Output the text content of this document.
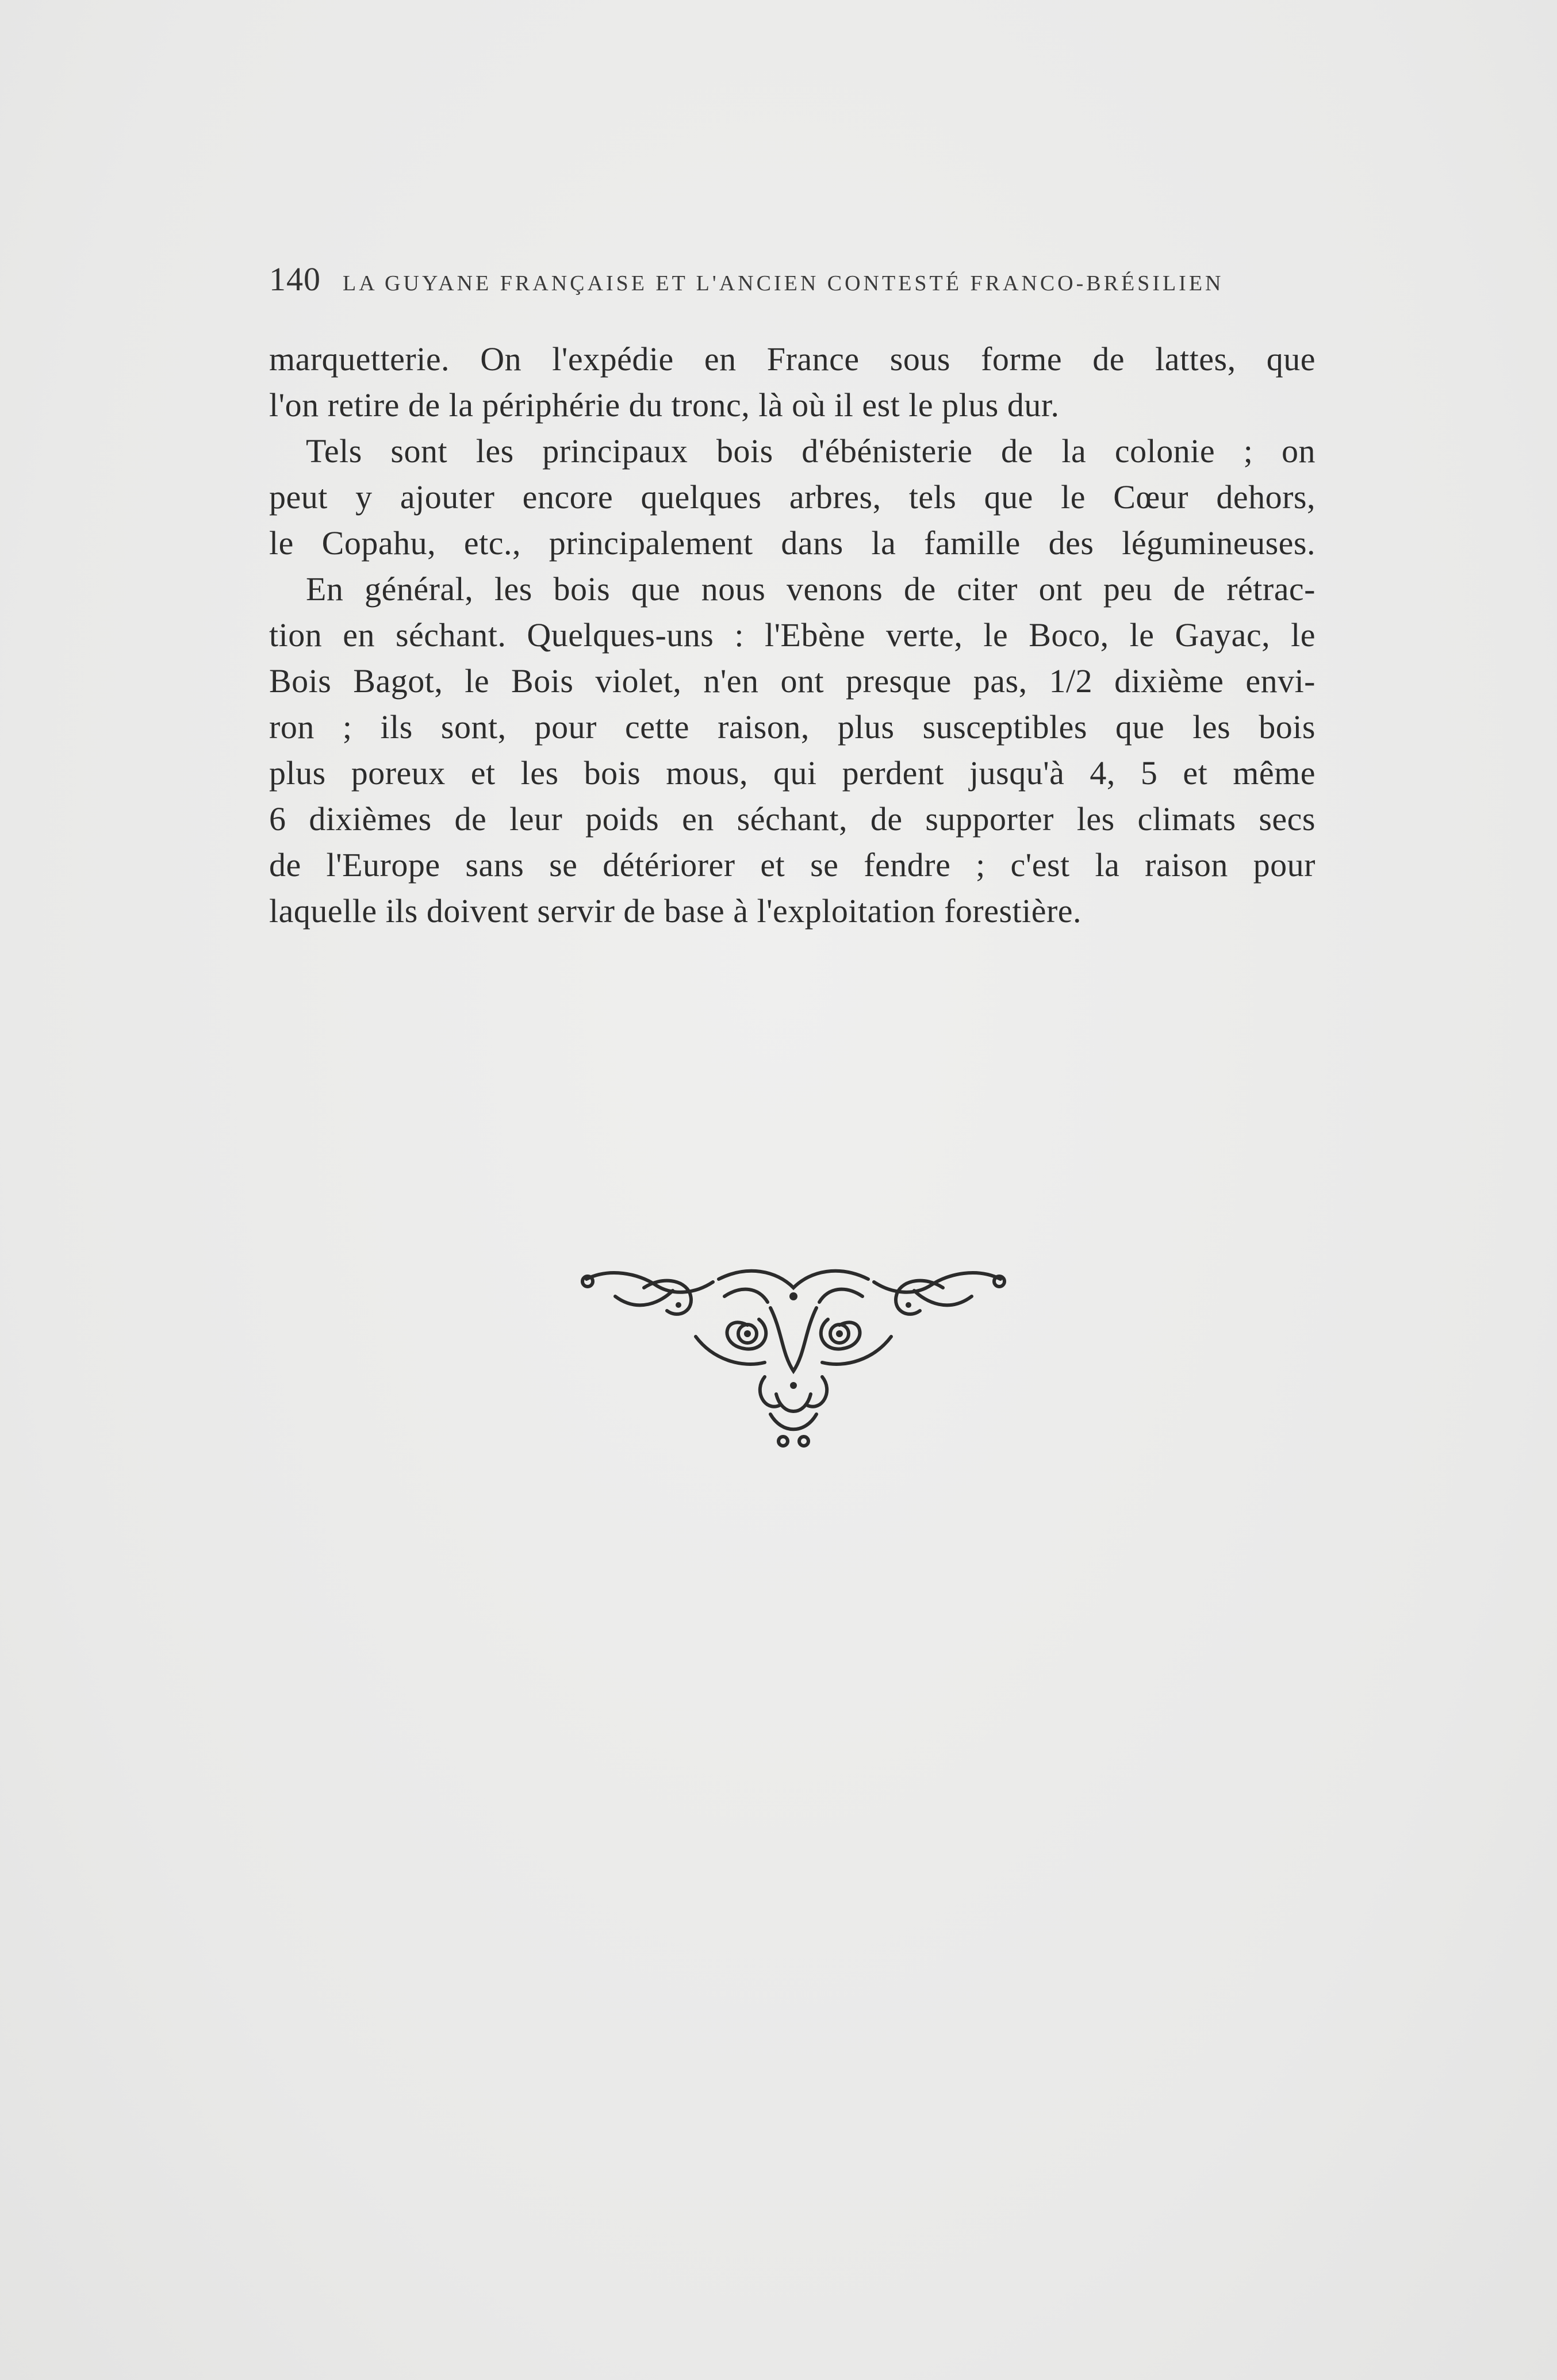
140 LA GUYANE FRANÇAISE ET L'ANCIEN CONTESTÉ FRANCO-BRÉSILIEN
marquetterie. On l'expédie en France sous forme de lattes, que
l'on retire de la périphérie du tronc, là où il est le plus dur.
Tels sont les principaux bois d'ébénisterie de la colonie ; on
peut y ajouter encore quelques arbres, tels que le Cœur dehors,
le Copahu, etc., principalement dans la famille des légumineuses.
En général, les bois que nous venons de citer ont peu de rétrac-
tion en séchant. Quelques-uns : l'Ebène verte, le Boco, le Gayac, le
Bois Bagot, le Bois violet, n'en ont presque pas, 1/2 dixième envi-
ron ; ils sont, pour cette raison, plus susceptibles que les bois
plus poreux et les bois mous, qui perdent jusqu'à 4, 5 et même
6 dixièmes de leur poids en séchant, de supporter les climats secs
de l'Europe sans se détériorer et se fendre ; c'est la raison pour
laquelle ils doivent servir de base à l'exploitation forestière.
